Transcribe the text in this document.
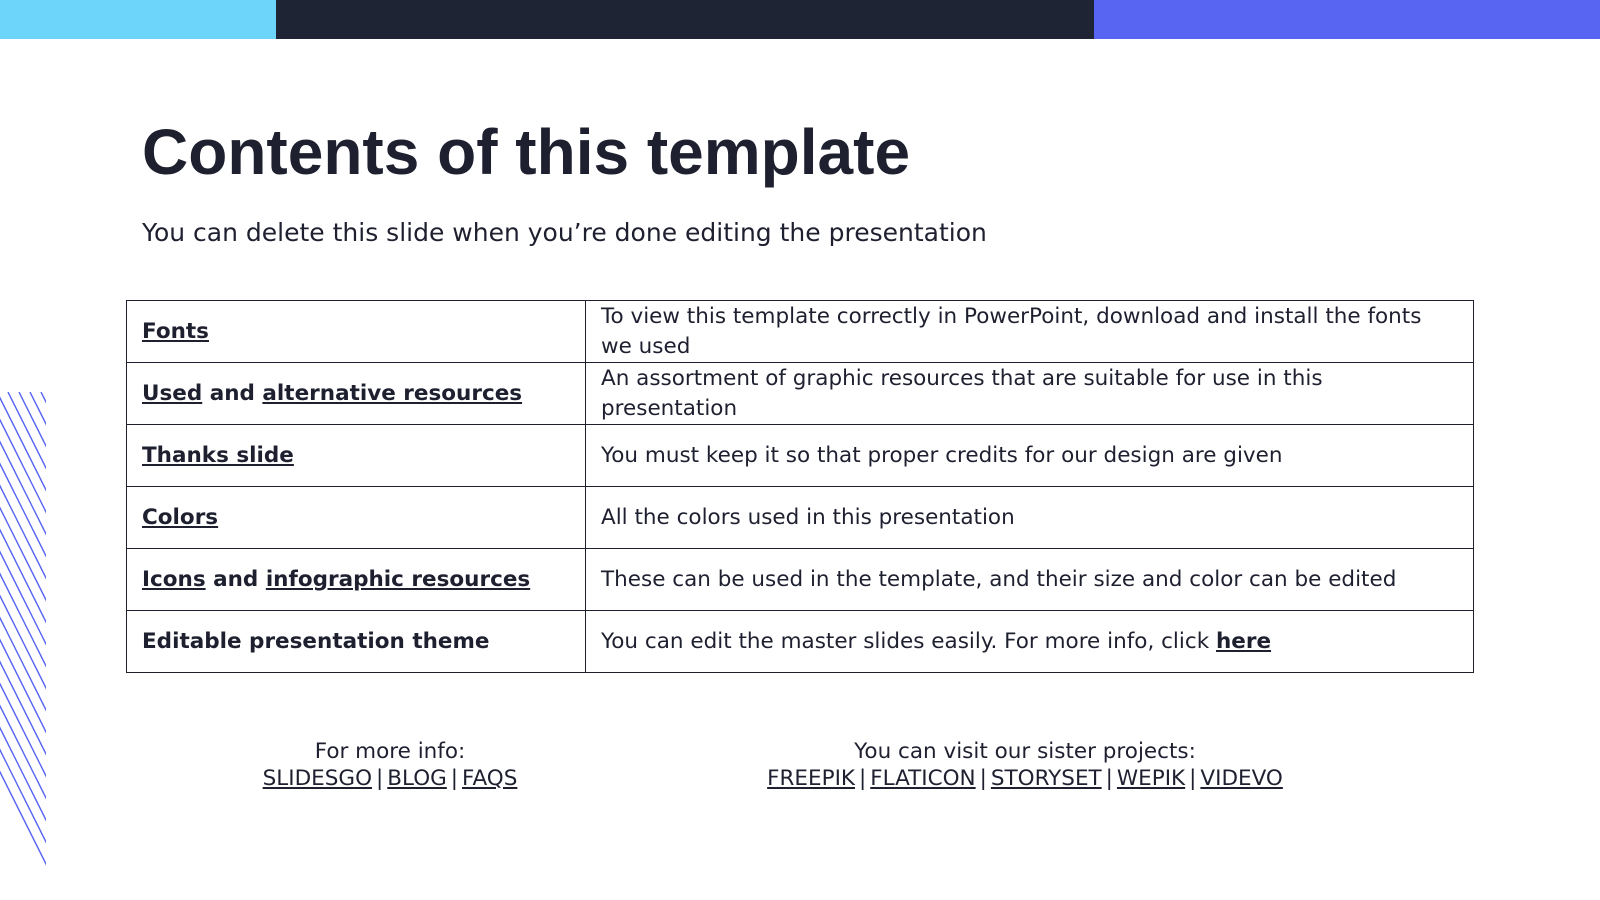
Contents of this template

You can delete this slide when you’re done editing the presentation

Fonts	To view this template correctly in PowerPoint, download and install the fonts we used
Used and alternative resources	An assortment of graphic resources that are suitable for use in this presentation
Thanks slide	You must keep it so that proper credits for our design are given
Colors	All the colors used in this presentation
Icons and infographic resources	These can be used in the template, and their size and color can be edited
Editable presentation theme	You can edit the master slides easily. For more info, click here
For more info:
SLIDESGO | BLOG | FAQS
You can visit our sister projects:
FREEPIK | FLATICON | STORYSET | WEPIK | VIDEVO
